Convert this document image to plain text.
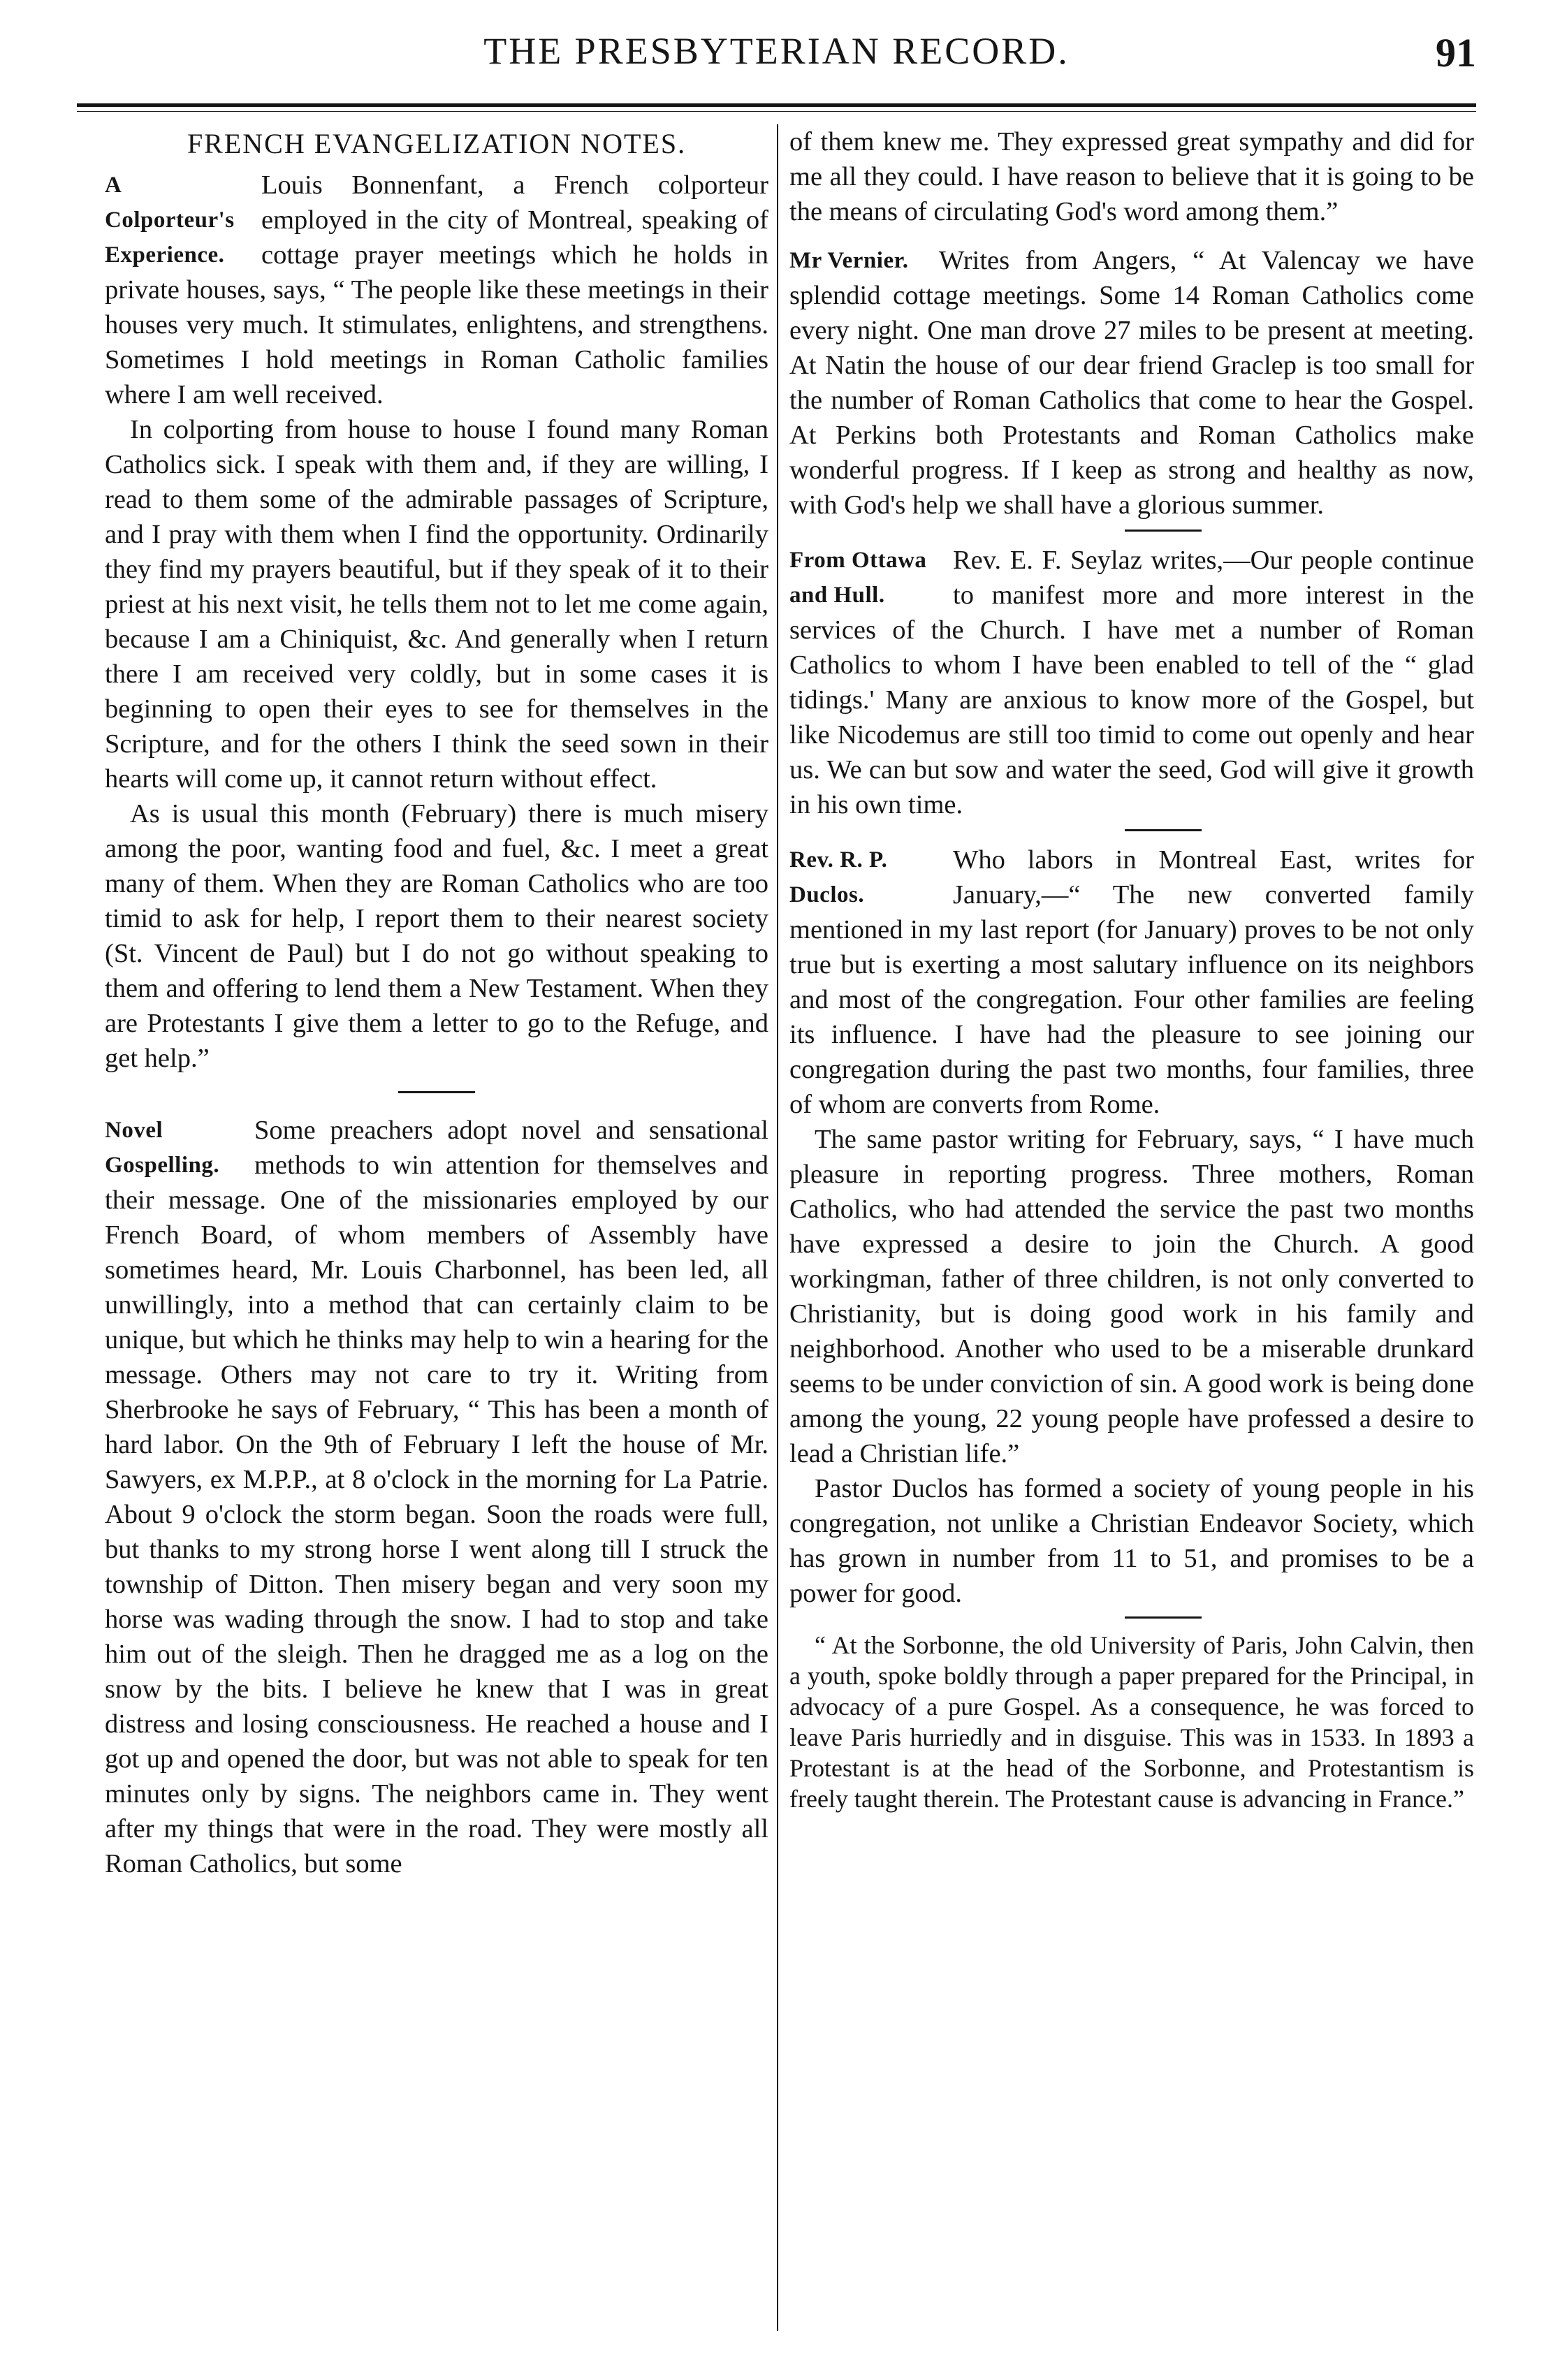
THE PRESBYTERIAN RECORD.	91
FRENCH EVANGELIZATION NOTES.
A Colporteur's
Experience.

Louis Bonnenfant, a French colporteur employed in the city of Montreal, speaking of cottage prayer meetings which he holds in private houses, says, “ The people like these meetings in their houses very much. It stimulates, enlightens, and strengthens. Sometimes I hold meetings in Roman Catholic families where I am well received.

In colporting from house to house I found many Roman Catholics sick. I speak with them and, if they are willing, I read to them some of the admirable passages of Scripture, and I pray with them when I find the opportunity. Ordinarily they find my prayers beautiful, but if they speak of it to their priest at his next visit, he tells them not to let me come again, because I am a Chiniquist, &c. And generally when I return there I am received very coldly, but in some cases it is beginning to open their eyes to see for themselves in the Scripture, and for the others I think the seed sown in their hearts will come up, it cannot return without effect.

As is usual this month (February) there is much misery among the poor, wanting food and fuel, &c. I meet a great many of them. When they are Roman Catholics who are too timid to ask for help, I report them to their nearest society (St. Vincent de Paul) but I do not go without speaking to them and offering to lend them a New Testament. When they are Protestants I give them a letter to go to the Refuge, and get help.”

Novel
Gospelling.

Some preachers adopt novel and sensational methods to win attention for themselves and their message. One of the missionaries employed by our French Board, of whom members of Assembly have sometimes heard, Mr. Louis Charbonnel, has been led, all unwillingly, into a method that can certainly claim to be unique, but which he thinks may help to win a hearing for the message. Others may not care to try it. Writing from Sherbrooke he says of February, “ This has been a month of hard labor. On the 9th of February I left the house of Mr. Sawyers, ex M.P.P., at 8 o'clock in the morning for La Patrie. About 9 o'clock the storm began. Soon the roads were full, but thanks to my strong horse I went along till I struck the township of Ditton. Then misery began and very soon my horse was wading through the snow. I had to stop and take him out of the sleigh. Then he dragged me as a log on the snow by the bits. I believe he knew that I was in great distress and losing consciousness. He reached a house and I got up and opened the door, but was not able to speak for ten minutes only by signs. The neighbors came in. They went after my things that were in the road. They were mostly all Roman Catholics, but some

of them knew me. They expressed great sympathy and did for me all they could. I have reason to believe that it is going to be the means of circulating God's word among them.”

Mr Vernier.	Writes from Angers, “ At Valencay we have splendid cottage meetings. Some 14 Roman Catholics come every night. One man drove 27 miles to be present at meeting. At Natin the house of our dear friend Graclep is too small for the number of Roman Catholics that come to hear the Gospel. At Perkins both Protestants and Roman Catholics make wonderful progress. If I keep as strong and healthy as now, with God's help we shall have a glorious summer.

From Ottawa
and Hull.

Rev. E. F. Seylaz writes,—Our people continue to manifest more and more interest in the services of the Church. I have met a number of Roman Catholics to whom I have been enabled to tell of the “ glad tidings.' Many are anxious to know more of the Gospel, but like Nicodemus are still too timid to come out openly and hear us. We can but sow and water the seed, God will give it growth in his own time.

Rev. R. P.
Duclos.

Who labors in Montreal East, writes for January,—“ The new converted family mentioned in my last report (for January) proves to be not only true but is exerting a most salutary influence on its neighbors and most of the congregation. Four other families are feeling its influence. I have had the pleasure to see joining our congregation during the past two months, four families, three of whom are converts from Rome.

The same pastor writing for February, says, “ I have much pleasure in reporting progress. Three mothers, Roman Catholics, who had attended the service the past two months have expressed a desire to join the Church. A good workingman, father of three children, is not only converted to Christianity, but is doing good work in his family and neighborhood. Another who used to be a miserable drunkard seems to be under conviction of sin. A good work is being done among the young, 22 young people have professed a desire to lead a Christian life.”

Pastor Duclos has formed a society of young people in his congregation, not unlike a Christian Endeavor Society, which has grown in number from 11 to 51, and promises to be a power for good.

“ At the Sorbonne, the old University of Paris, John Calvin, then a youth, spoke boldly through a paper prepared for the Principal, in advocacy of a pure Gospel. As a consequence, he was forced to leave Paris hurriedly and in disguise. This was in 1533. In 1893 a Protestant is at the head of the Sorbonne, and Protestantism is freely taught therein. The Protestant cause is advancing in France.”
